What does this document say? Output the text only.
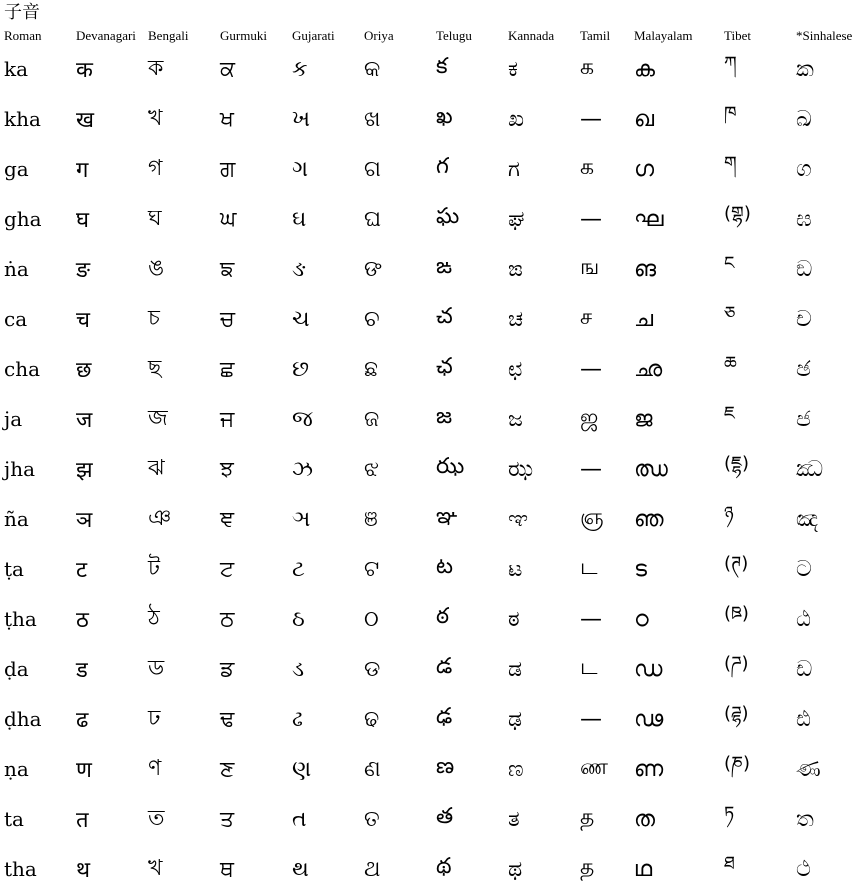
子音
Roman	Devanagari	Bengali	Gurmuki	Gujarati	Oriya	Telugu	Kannada	Tamil	Malayalam	Tibet	*Sinhalese
ka	क	ক	ਕ	ક	କ	క	ಕ	க	ക	ཀ	ක
kha	ख	খ	ਖ	ખ	ଖ	ఖ	ಖ	—	ഖ	ཁ	ඛ
ga	ग	গ	ਗ	ગ	ଗ	గ	ಗ	க	ഗ	ག	ග
gha	घ	ঘ	ਘ	ઘ	ଘ	ఘ	ಘ	—	ഘ	(གྷ)	ඝ
ṅa	ङ	ঙ	ਙ	ઙ	ଙ	ఙ	ಙ	ங	ങ	ང	ඞ
ca	च	চ	ਚ	ચ	ଚ	చ	ಚ	ச	ച	ཅ	ච
cha	छ	ছ	ਛ	છ	ଛ	ఛ	ಛ	—	ഛ	ཆ	ඡ
ja	ज	জ	ਜ	જ	ଜ	జ	ಜ	ஜ	ജ	ཇ	ජ
jha	झ	ঝ	ਝ	ઝ	ଝ	ఝ	ಝ	—	ഝ	(ཇྷ)	ඣ
ña	ञ	ঞ	ਞ	ઞ	ଞ	ఞ	ಞ	ஞ	ഞ	ཉ	ඤ
ṭa	ट	ট	ਟ	ટ	ଟ	ట	ಟ	ட	ട	(ཊ)	ට
ṭha	ठ	ঠ	ਠ	ઠ	ଠ	ఠ	ಠ	—	ഠ	(ཋ)	ඨ
ḍa	ड	ড	ਡ	ડ	ଡ	డ	ಡ	ட	ഡ	(ཌ)	ඩ
ḍha	ढ	ঢ	ਢ	ઢ	ଢ	ఢ	ಢ	—	ഢ	(ཌྷ)	ඪ
ṇa	ण	ণ	ਣ	ણ	ଣ	ణ	ಣ	ண	ണ	(ཎ)	ණ
ta	त	ত	ਤ	ત	ତ	త	ತ	த	ത	ཏ	ත
tha	थ	খ	ਥ	થ	ଥ	థ	ಥ	த	ഥ	ཐ	ථ
